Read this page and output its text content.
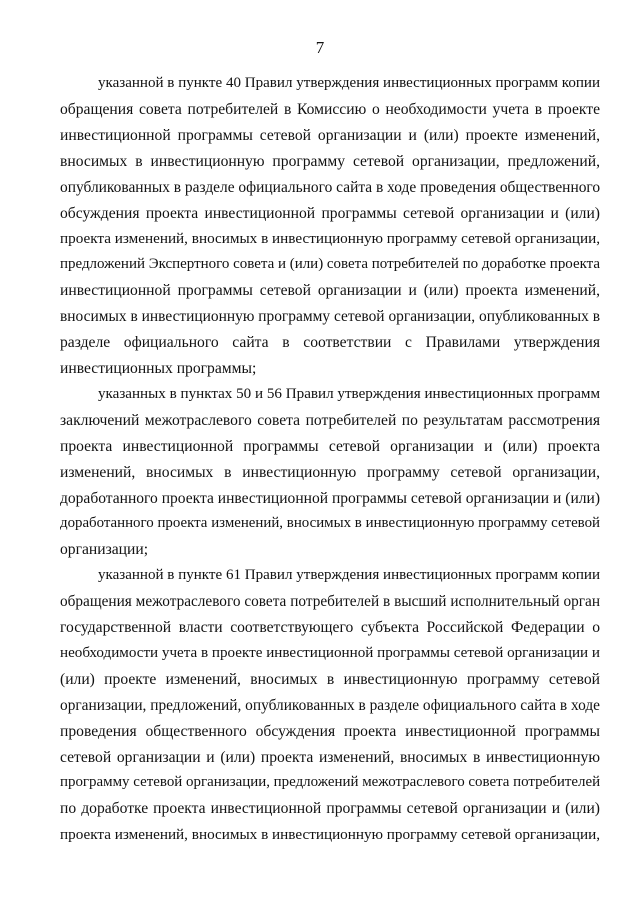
7
указанной в пункте 40 Правил утверждения инвестиционных программ копии
обращения совета потребителей в Комиссию о необходимости учета в проекте
инвестиционной программы сетевой организации и (или) проекте изменений,
вносимых в инвестиционную программу сетевой организации, предложений,
опубликованных в разделе официального сайта в ходе проведения общественного
обсуждения проекта инвестиционной программы сетевой организации и (или)
проекта изменений, вносимых в инвестиционную программу сетевой организации,
предложений Экспертного совета и (или) совета потребителей по доработке проекта
инвестиционной программы сетевой организации и (или) проекта изменений,
вносимых в инвестиционную программу сетевой организации, опубликованных в
разделе официального сайта в соответствии с Правилами утверждения
инвестиционных программы;
указанных в пунктах 50 и 56 Правил утверждения инвестиционных программ
заключений межотраслевого совета потребителей по результатам рассмотрения
проекта инвестиционной программы сетевой организации и (или) проекта
изменений, вносимых в инвестиционную программу сетевой организации,
доработанного проекта инвестиционной программы сетевой организации и (или)
доработанного проекта изменений, вносимых в инвестиционную программу сетевой
организации;
указанной в пункте 61 Правил утверждения инвестиционных программ копии
обращения межотраслевого совета потребителей в высший исполнительный орган
государственной власти соответствующего субъекта Российской Федерации о
необходимости учета в проекте инвестиционной программы сетевой организации и
(или) проекте изменений, вносимых в инвестиционную программу сетевой
организации, предложений, опубликованных в разделе официального сайта в ходе
проведения общественного обсуждения проекта инвестиционной программы
сетевой организации и (или) проекта изменений, вносимых в инвестиционную
программу сетевой организации, предложений межотраслевого совета потребителей
по доработке проекта инвестиционной программы сетевой организации и (или)
проекта изменений, вносимых в инвестиционную программу сетевой организации,
